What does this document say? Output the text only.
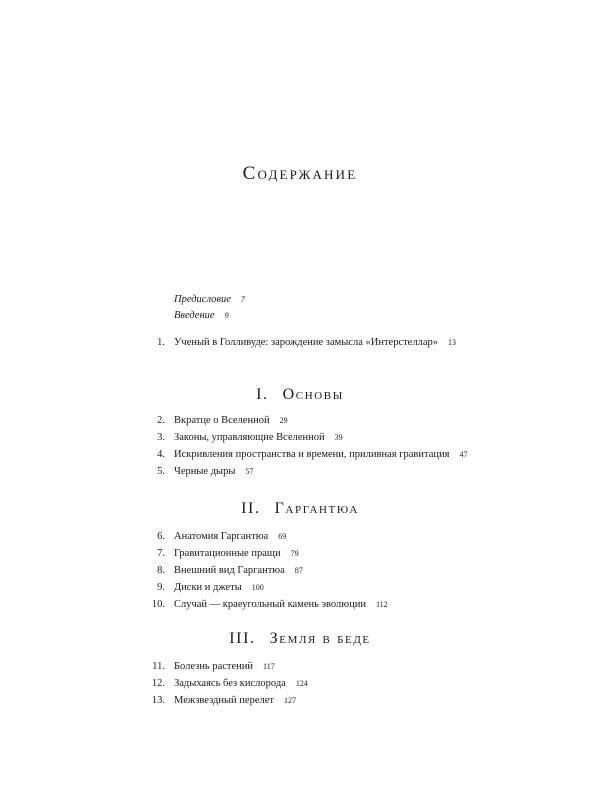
Содержание
Предисловие 7
Введение 9
1. Ученый в Голливуде: зарождение замысла «Интерстеллар» 13
I. Основы
2. Вкратце о Вселенной 29
3. Законы, управляющие Вселенной 39
4. Искривления пространства и времени, приливная гравитация 47
5. Черные дыры 57
II. Гаргантюа
6. Анатомия Гаргантюа 69
7. Гравитационные пращи 79
8. Внешний вид Гаргантюа 87
9. Диски и джеты 100
10. Случай — краеугольный камень эволюции 112
III. Земля в беде
11. Болезнь растений 117
12. Задыхаясь без кислорода 124
13. Межзвездный перелет 127
